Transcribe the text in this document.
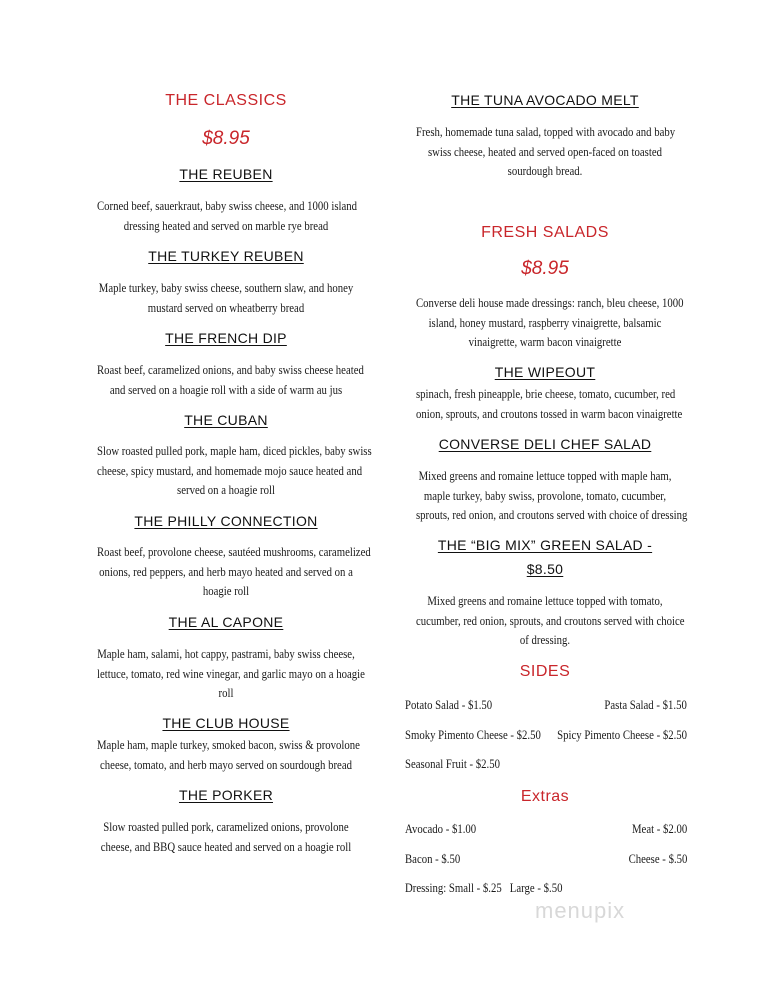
THE CLASSICS
$8.95
THE REUBEN
Corned beef, sauerkraut, baby swiss cheese, and 1000 island
dressing heated and served on marble rye bread
THE TURKEY REUBEN
Maple turkey, baby swiss cheese, southern slaw, and honey
mustard served on wheatberry bread
THE FRENCH DIP
Roast beef, caramelized onions, and baby swiss cheese heated
and served on a hoagie roll with a side of warm au jus
THE CUBAN
Slow roasted pulled pork, maple ham, diced pickles, baby swiss
cheese, spicy mustard, and homemade mojo sauce heated and
served on a hoagie roll
THE PHILLY CONNECTION
Roast beef, provolone cheese, sautéed mushrooms, caramelized
onions, red peppers, and herb mayo heated and served on a
hoagie roll
THE AL CAPONE
Maple ham, salami, hot cappy, pastrami, baby swiss cheese,
lettuce, tomato, red wine vinegar, and garlic mayo on a hoagie
roll
THE CLUB HOUSE
Maple ham, maple turkey, smoked bacon, swiss & provolone
cheese, tomato, and herb mayo served on sourdough bread
THE PORKER
Slow roasted pulled pork, caramelized onions, provolone
cheese, and BBQ sauce heated and served on a hoagie roll
THE TUNA AVOCADO MELT
Fresh, homemade tuna salad, topped with avocado and baby
swiss cheese, heated and served open-faced on toasted
sourdough bread.
FRESH SALADS
$8.95
Converse deli house made dressings: ranch, bleu cheese, 1000
island, honey mustard, raspberry vinaigrette, balsamic
vinaigrette, warm bacon vinaigrette
THE WIPEOUT
spinach, fresh pineapple, brie cheese, tomato, cucumber, red
onion, sprouts, and croutons tossed in warm bacon vinaigrette
CONVERSE DELI CHEF SALAD
Mixed greens and romaine lettuce topped with maple ham,
maple turkey, baby swiss, provolone, tomato, cucumber,
sprouts, red onion, and croutons served with choice of dressing
THE “BIG MIX” GREEN SALAD -
$8.50
Mixed greens and romaine lettuce topped with tomato,
cucumber, red onion, sprouts, and croutons served with choice
of dressing.
SIDES
Potato Salad - $1.50	Pasta Salad - $1.50
Smoky Pimento Cheese - $2.50 Spicy Pimento Cheese - $2.50
Seasonal Fruit - $2.50
Extras
Avocado - $1.00	Meat - $2.00
Bacon - $.50	Cheese - $.50
Dressing: Small - $.25   Large - $.50
menupix
